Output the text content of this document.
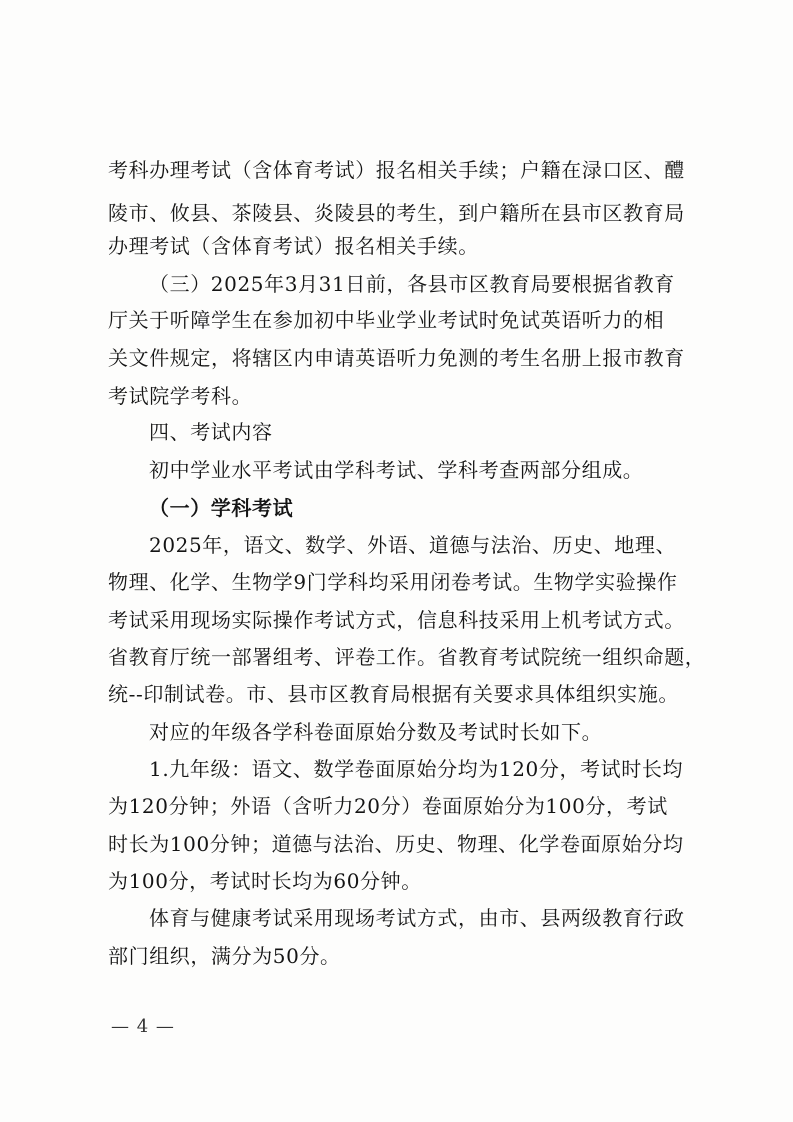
考科办理考试（含体育考试）报名相关手续；户籍在渌口区、醴
陵市、攸县、茶陵县、炎陵县的考生，到户籍所在县市区教育局
办理考试（含体育考试）报名相关手续。
（三）2025年3月31日前，各县市区教育局要根据省教育
厅关于听障学生在参加初中毕业学业考试时免试英语听力的相
关文件规定，将辖区内申请英语听力免测的考生名册上报市教育
考试院学考科。
四、考试内容
初中学业水平考试由学科考试、学科考查两部分组成。
（一）学科考试
2025年，语文、数学、外语、道德与法治、历史、地理、
物理、化学、生物学9门学科均采用闭卷考试。生物学实验操作
考试采用现场实际操作考试方式，信息科技采用上机考试方式。
省教育厅统一部署组考、评卷工作。省教育考试院统一组织命题，
统--印制试卷。市、县市区教育局根据有关要求具体组织实施。
对应的年级各学科卷面原始分数及考试时长如下。
1.九年级：语文、数学卷面原始分均为120分，考试时长均
为120分钟；外语（含听力20分）卷面原始分为100分，考试
时长为100分钟；道德与法治、历史、物理、化学卷面原始分均
为100分，考试时长均为60分钟。
体育与健康考试采用现场考试方式，由市、县两级教育行政
部门组织，满分为50分。
— 4 —
